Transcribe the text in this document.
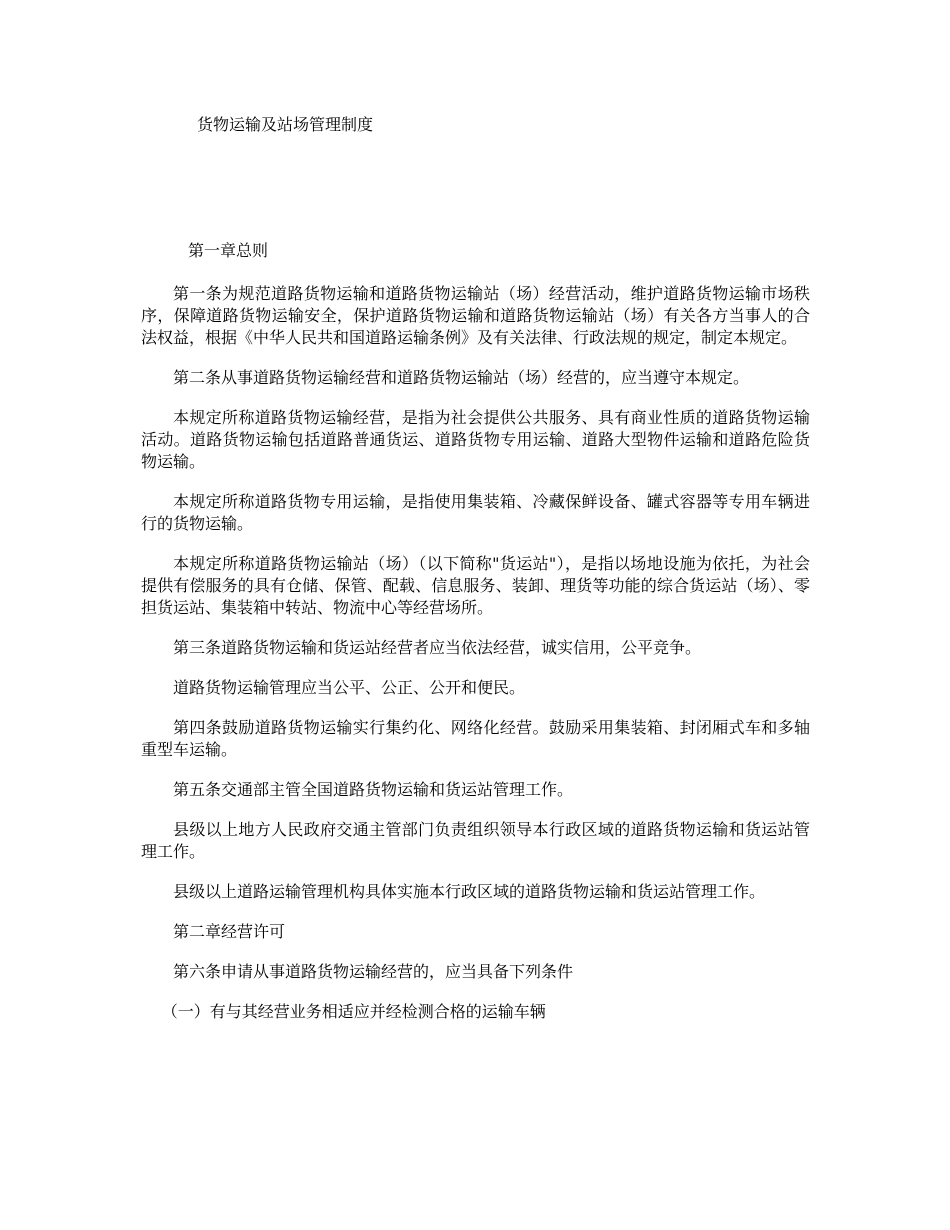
货物运输及站场管理制度
第一章总则

第一条为规范道路货物运输和道路货物运输站（场）经营活动，维护道路货物运输市场秩序，保障道路货物运输安全，保护道路货物运输和道路货物运输站（场）有关各方当事人的合法权益，根据《中华人民共和国道路运输条例》及有关法律、行政法规的规定，制定本规定。

第二条从事道路货物运输经营和道路货物运输站（场）经营的，应当遵守本规定。

本规定所称道路货物运输经营，是指为社会提供公共服务、具有商业性质的道路货物运输活动。道路货物运输包括道路普通货运、道路货物专用运输、道路大型物件运输和道路危险货物运输。

本规定所称道路货物专用运输，是指使用集装箱、冷藏保鲜设备、罐式容器等专用车辆进行的货物运输。

本规定所称道路货物运输站（场）（以下简称"货运站"），是指以场地设施为依托，为社会提供有偿服务的具有仓储、保管、配载、信息服务、装卸、理货等功能的综合货运站（场）、零担货运站、集装箱中转站、物流中心等经营场所。

第三条道路货物运输和货运站经营者应当依法经营，诚实信用，公平竞争。

道路货物运输管理应当公平、公正、公开和便民。

第四条鼓励道路货物运输实行集约化、网络化经营。鼓励采用集装箱、封闭厢式车和多轴重型车运输。

第五条交通部主管全国道路货物运输和货运站管理工作。

县级以上地方人民政府交通主管部门负责组织领导本行政区域的道路货物运输和货运站管理工作。

县级以上道路运输管理机构具体实施本行政区域的道路货物运输和货运站管理工作。

第二章经营许可

第六条申请从事道路货物运输经营的，应当具备下列条件

（一）有与其经营业务相适应并经检测合格的运输车辆
